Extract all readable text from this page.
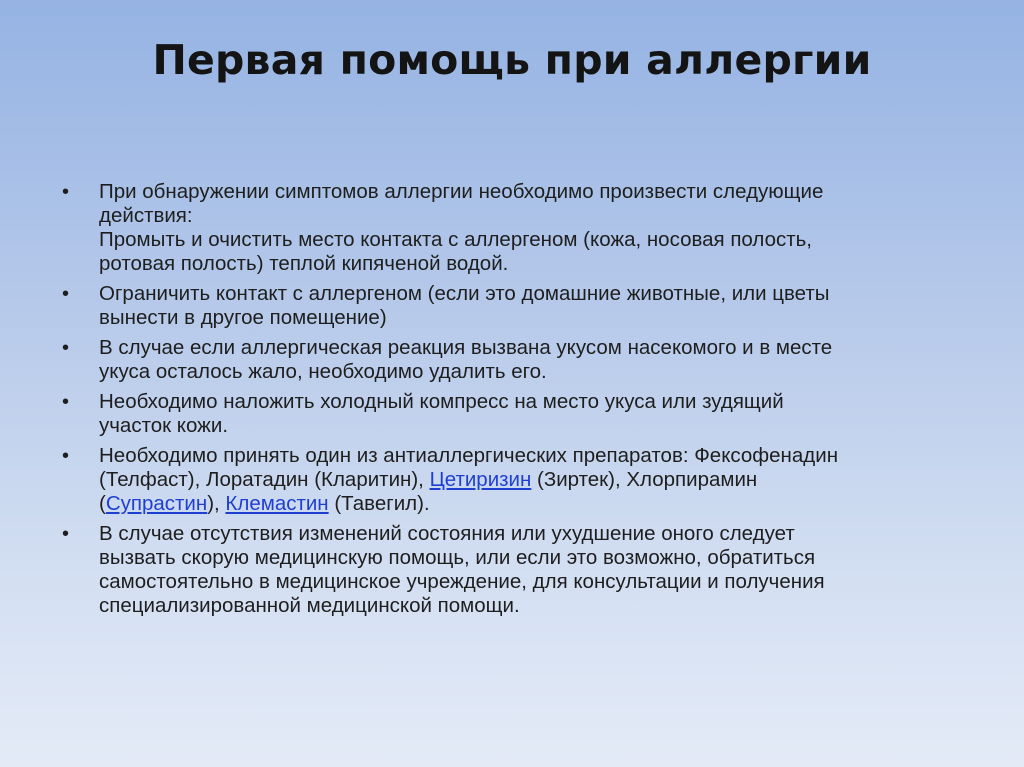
Первая помощь при аллергии
•	При обнаружении симптомов аллергии необходимо произвести следующие
действия:
Промыть и очистить место контакта с аллергеном (кожа, носовая полость,
ротовая полость) теплой кипяченой водой.
•	Ограничить контакт с аллергеном (если это домашние животные, или цветы
вынести в другое помещение)
•	В случае если аллергическая реакция вызвана укусом насекомого и в месте
укуса осталось жало, необходимо удалить его.
•	Необходимо наложить холодный компресс на место укуса или зудящий
участок кожи.
•	Необходимо принять один из антиаллергических препаратов: Фексофенадин
(Телфаст), Лоратадин (Кларитин), Цетиризин (Зиртек), Хлорпирамин
(Супрастин), Клемастин (Тавегил).
•	В случае отсутствия изменений состояния или ухудшение оного следует
вызвать скорую медицинскую помощь, или если это возможно, обратиться
самостоятельно в медицинское учреждение, для консультации и получения
специализированной медицинской помощи.
